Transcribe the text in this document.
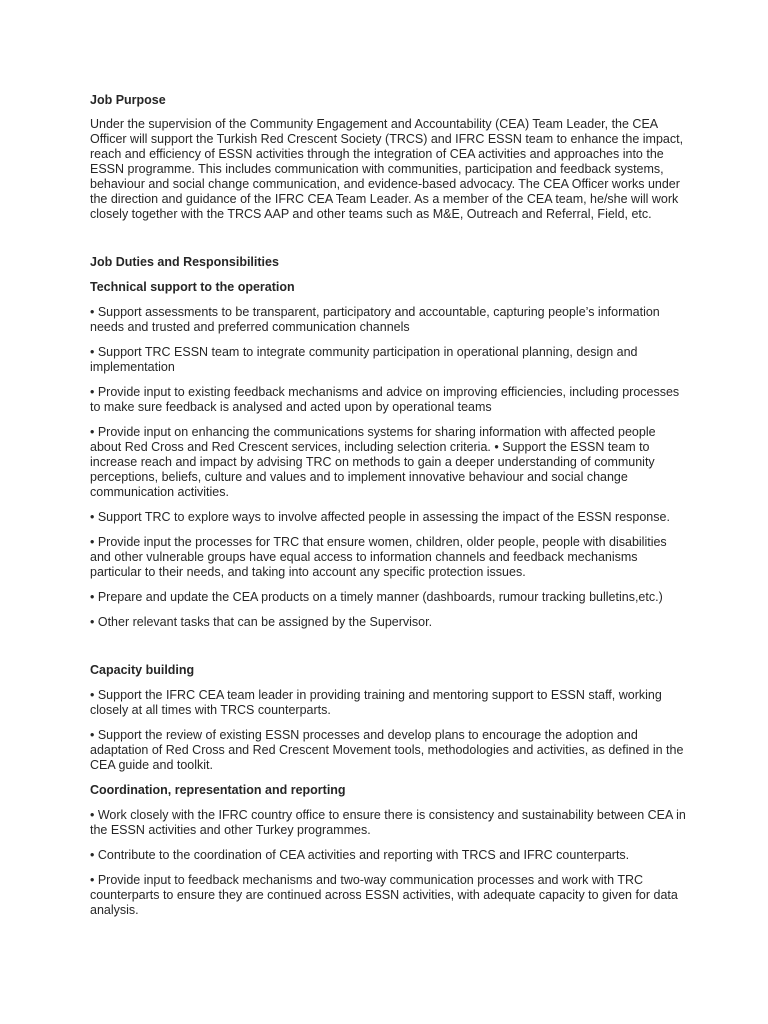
Job Purpose

Under the supervision of the Community Engagement and Accountability (CEA) Team Leader, the CEA Officer will support the Turkish Red Crescent Society (TRCS) and IFRC ESSN team to enhance the impact, reach and efficiency of ESSN activities through the integration of CEA activities and approaches into the ESSN programme. This includes communication with communities, participation and feedback systems, behaviour and social change communication, and evidence-based advocacy. The CEA Officer works under the direction and guidance of the IFRC CEA Team Leader. As a member of the CEA team, he/she will work closely together with the TRCS AAP and other teams such as M&E, Outreach and Referral, Field, etc.

Job Duties and Responsibilities

Technical support to the operation

• Support assessments to be transparent, participatory and accountable, capturing people’s information needs and trusted and preferred communication channels

• Support TRC ESSN team to integrate community participation in operational planning, design and implementation

• Provide input to existing feedback mechanisms and advice on improving efficiencies, including processes to make sure feedback is analysed and acted upon by operational teams

• Provide input on enhancing the communications systems for sharing information with affected people about Red Cross and Red Crescent services, including selection criteria. • Support the ESSN team to increase reach and impact by advising TRC on methods to gain a deeper understanding of community perceptions, beliefs, culture and values and to implement innovative behaviour and social change communication activities.

• Support TRC to explore ways to involve affected people in assessing the impact of the ESSN response.

• Provide input the processes for TRC that ensure women, children, older people, people with disabilities and other vulnerable groups have equal access to information channels and feedback mechanisms particular to their needs, and taking into account any specific protection issues.

• Prepare and update the CEA products on a timely manner (dashboards, rumour tracking bulletins,etc.)

• Other relevant tasks that can be assigned by the Supervisor.

Capacity building

• Support the IFRC CEA team leader in providing training and mentoring support to ESSN staff, working closely at all times with TRCS counterparts.

• Support the review of existing ESSN processes and develop plans to encourage the adoption and adaptation of Red Cross and Red Crescent Movement tools, methodologies and activities, as defined in the CEA guide and toolkit.

Coordination, representation and reporting

• Work closely with the IFRC country office to ensure there is consistency and sustainability between CEA in the ESSN activities and other Turkey programmes.

• Contribute to the coordination of CEA activities and reporting with TRCS and IFRC counterparts.

• Provide input to feedback mechanisms and two-way communication processes and work with TRC counterparts to ensure they are continued across ESSN activities, with adequate capacity to given for data analysis.
